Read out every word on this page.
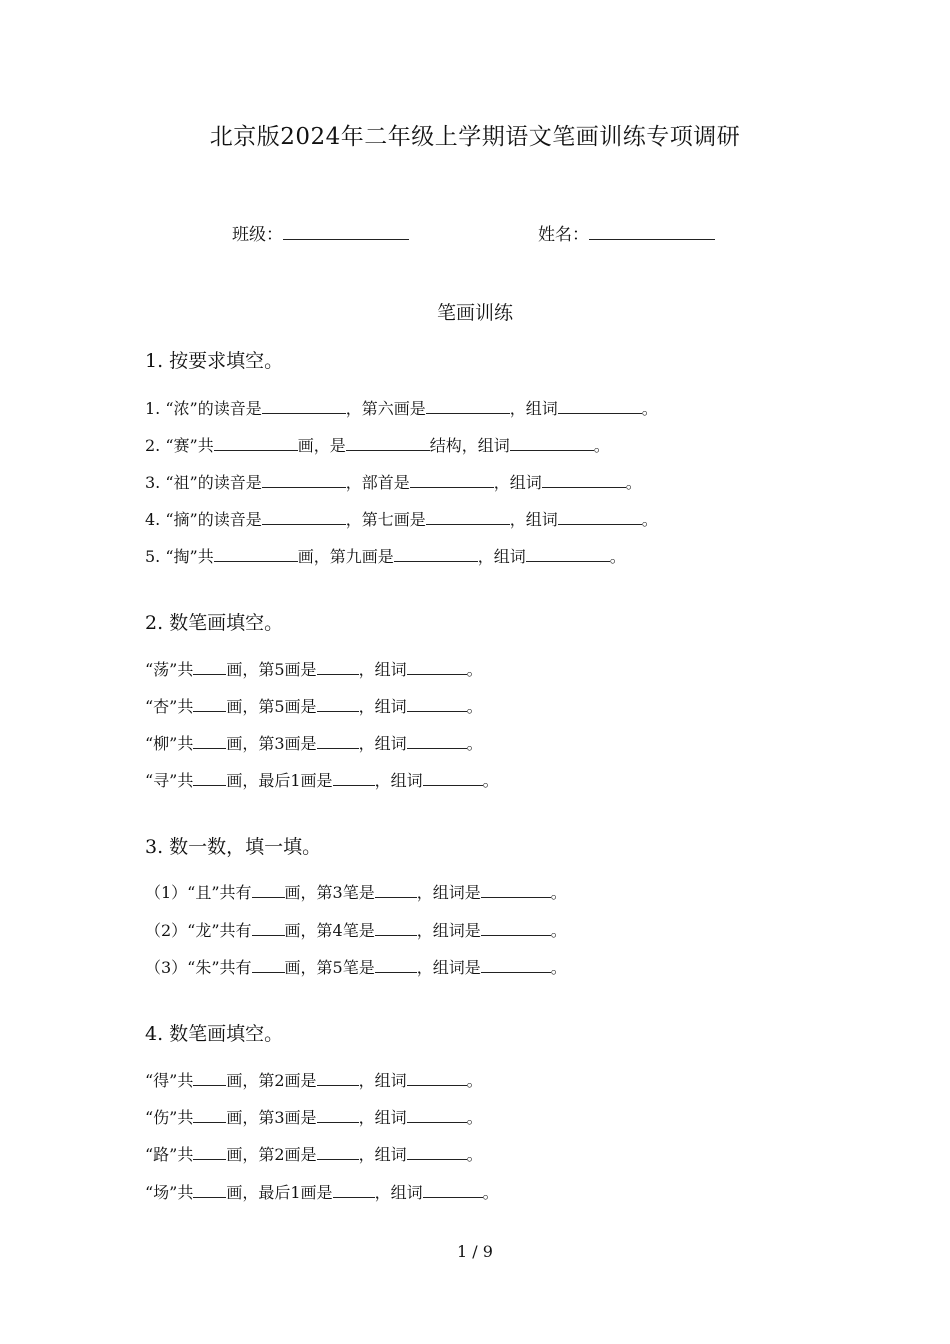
北京版2024年二年级上学期语文笔画训练专项调研
班级：	姓名：
笔画训练
1. 按要求填空。
1. “浓”的读音是	，第六画是	，组词	。
2. “赛”共	画，是	结构，组词	。
3. “祖”的读音是	，部首是	，组词	。
4. “摘”的读音是	，第七画是	，组词	。
5. “掏”共	画，第九画是	，组词	。
2. 数笔画填空。
“荡”共 画，第5画是	，组词	。
“杏”共 画，第5画是	，组词	。
“柳”共 画，第3画是	，组词	。
“寻”共 画，最后1画是	，组词	。
3. 数一数，填一填。
（1）“且”共有 画，第3笔是	，组词是	。
（2）“龙”共有 画，第4笔是	，组词是	。
（3）“朱”共有 画，第5笔是	，组词是	。
4. 数笔画填空。
“得”共 画，第2画是	，组词	。
“伤”共 画，第3画是	，组词	。
“路”共 画，第2画是	，组词	。
“场”共 画，最后1画是	，组词	。
1 / 9
